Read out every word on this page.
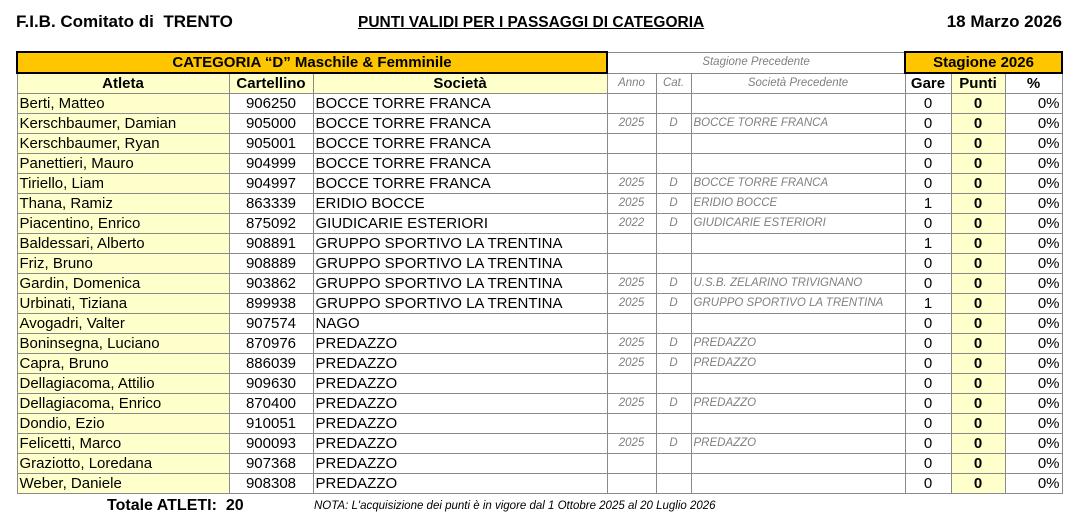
F.I.B. Comitato di  TRENTO	PUNTI VALIDI PER I PASSAGGI DI CATEGORIA	18 Marzo 2026
CATEGORIA “D” Maschile & Femminile			Stagione Precedente			Stagione 2026		
Atleta	Cartellino	Società	Anno	Cat.	Società Precedente	Gare	Punti	%
Berti, Matteo	906250	BOCCE TORRE FRANCA				0	0	0%
Kerschbaumer, Damian	905000	BOCCE TORRE FRANCA	2025	D	BOCCE TORRE FRANCA	0	0	0%
Kerschbaumer, Ryan	905001	BOCCE TORRE FRANCA				0	0	0%
Panettieri, Mauro	904999	BOCCE TORRE FRANCA				0	0	0%
Tiriello, Liam	904997	BOCCE TORRE FRANCA	2025	D	BOCCE TORRE FRANCA	0	0	0%
Thana, Ramiz	863339	ERIDIO BOCCE	2025	D	ERIDIO BOCCE	1	0	0%
Piacentino, Enrico	875092	GIUDICARIE ESTERIORI	2022	D	GIUDICARIE ESTERIORI	0	0	0%
Baldessari, Alberto	908891	GRUPPO SPORTIVO LA TRENTINA				1	0	0%
Friz, Bruno	908889	GRUPPO SPORTIVO LA TRENTINA				0	0	0%
Gardin, Domenica	903862	GRUPPO SPORTIVO LA TRENTINA	2025	D	U.S.B. ZELARINO TRIVIGNANO	0	0	0%
Urbinati, Tiziana	899938	GRUPPO SPORTIVO LA TRENTINA	2025	D	GRUPPO SPORTIVO LA TRENTINA	1	0	0%
Avogadri, Valter	907574	NAGO				0	0	0%
Boninsegna, Luciano	870976	PREDAZZO	2025	D	PREDAZZO	0	0	0%
Capra, Bruno	886039	PREDAZZO	2025	D	PREDAZZO	0	0	0%
Dellagiacoma, Attilio	909630	PREDAZZO				0	0	0%
Dellagiacoma, Enrico	870400	PREDAZZO	2025	D	PREDAZZO	0	0	0%
Dondio, Ezio	910051	PREDAZZO				0	0	0%
Felicetti, Marco	900093	PREDAZZO	2025	D	PREDAZZO	0	0	0%
Graziotto, Loredana	907368	PREDAZZO				0	0	0%
Weber, Daniele	908308	PREDAZZO				0	0	0%
Totale ATLETI: 20	NOTA: L'acquisizione dei punti è in vigore dal 1 Ottobre 2025 al 20 Luglio 2026
